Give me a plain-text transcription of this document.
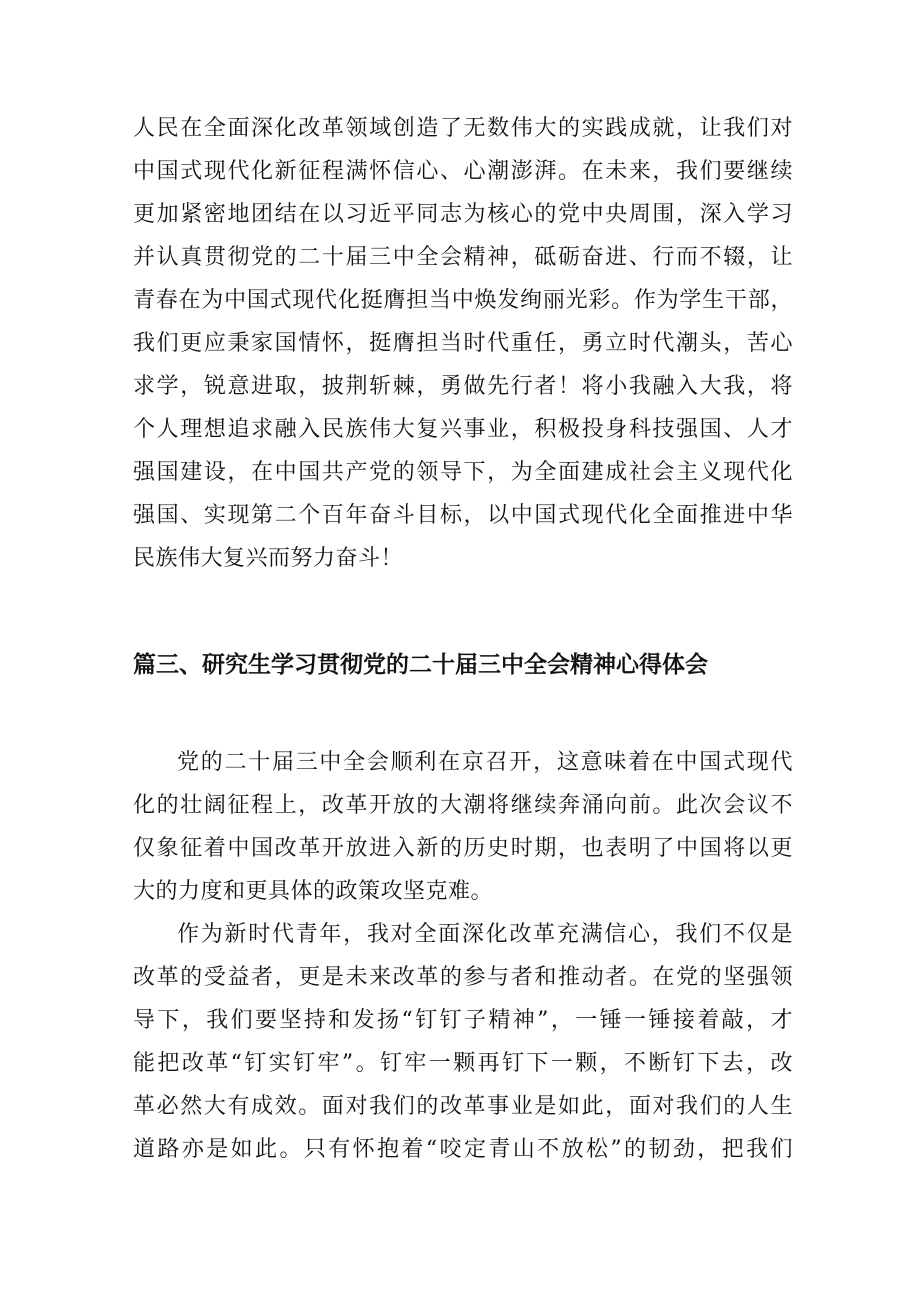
人民在全面深化改革领域创造了无数伟大的实践成就，让我们对

中国式现代化新征程满怀信心、心潮澎湃。在未来，我们要继续

更加紧密地团结在以习近平同志为核心的党中央周围，深入学习

并认真贯彻党的二十届三中全会精神，砥砺奋进、行而不辍，让

青春在为中国式现代化挺膺担当中焕发绚丽光彩。作为学生干部，

我们更应秉家国情怀，挺膺担当时代重任，勇立时代潮头，苦心

求学，锐意进取，披荆斩棘，勇做先行者！将小我融入大我，将

个人理想追求融入民族伟大复兴事业，积极投身科技强国、人才

强国建设，在中国共产党的领导下，为全面建成社会主义现代化

强国、实现第二个百年奋斗目标，以中国式现代化全面推进中华

民族伟大复兴而努力奋斗！

篇三、研究生学习贯彻党的二十届三中全会精神心得体会

党的二十届三中全会顺利在京召开，这意味着在中国式现代

化的壮阔征程上，改革开放的大潮将继续奔涌向前。此次会议不

仅象征着中国改革开放进入新的历史时期，也表明了中国将以更

大的力度和更具体的政策攻坚克难。

作为新时代青年，我对全面深化改革充满信心，我们不仅是

改革的受益者，更是未来改革的参与者和推动者。在党的坚强领

导下，我们要坚持和发扬“钉钉子精神”，一锤一锤接着敲，才

能把改革“钉实钉牢”。钉牢一颗再钉下一颗，不断钉下去，改

革必然大有成效。面对我们的改革事业是如此，面对我们的人生

道路亦是如此。只有怀抱着“咬定青山不放松”的韧劲，把我们
